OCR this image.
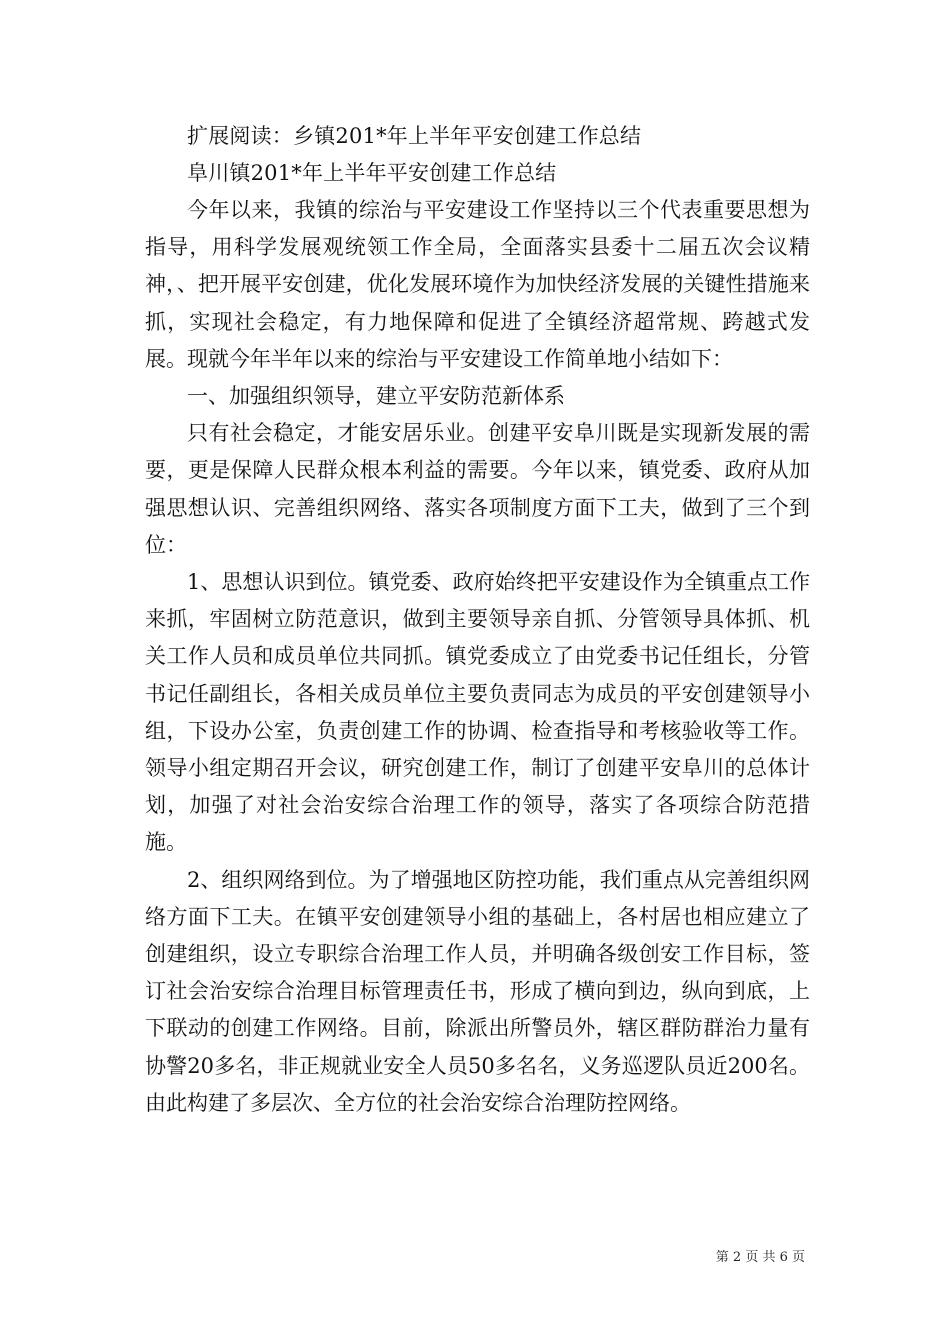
扩展阅读：乡镇201*年上半年平安创建工作总结
阜川镇201*年上半年平安创建工作总结

今年以来，我镇的综治与平安建设工作坚持以三个代表重要思想为指导，用科学发展观统领工作全局，全面落实县委十二届五次会议精神，、把开展平安创建，优化发展环境作为加快经济发展的关键性措施来抓，实现社会稳定，有力地保障和促进了全镇经济超常规、跨越式发展。现就今年半年以来的综治与平安建设工作简单地小结如下：

一、加强组织领导，建立平安防范新体系

只有社会稳定，才能安居乐业。创建平安阜川既是实现新发展的需要，更是保障人民群众根本利益的需要。今年以来，镇党委、政府从加强思想认识、完善组织网络、落实各项制度方面下工夫，做到了三个到位：

1、思想认识到位。镇党委、政府始终把平安建设作为全镇重点工作来抓，牢固树立防范意识，做到主要领导亲自抓、分管领导具体抓、机关工作人员和成员单位共同抓。镇党委成立了由党委书记任组长，分管书记任副组长，各相关成员单位主要负责同志为成员的平安创建领导小组，下设办公室，负责创建工作的协调、检查指导和考核验收等工作。领导小组定期召开会议，研究创建工作，制订了创建平安阜川的总体计划，加强了对社会治安综合治理工作的领导，落实了各项综合防范措施。

2、组织网络到位。为了增强地区防控功能，我们重点从完善组织网络方面下工夫。在镇平安创建领导小组的基础上，各村居也相应建立了创建组织，设立专职综合治理工作人员，并明确各级创安工作目标，签订社会治安综合治理目标管理责任书，形成了横向到边，纵向到底，上下联动的创建工作网络。目前，除派出所警员外，辖区群防群治力量有协警20多名，非正规就业安全人员50多名名，义务巡逻队员近200名。由此构建了多层次、全方位的社会治安综合治理防控网络。

第 2 页 共 6 页
